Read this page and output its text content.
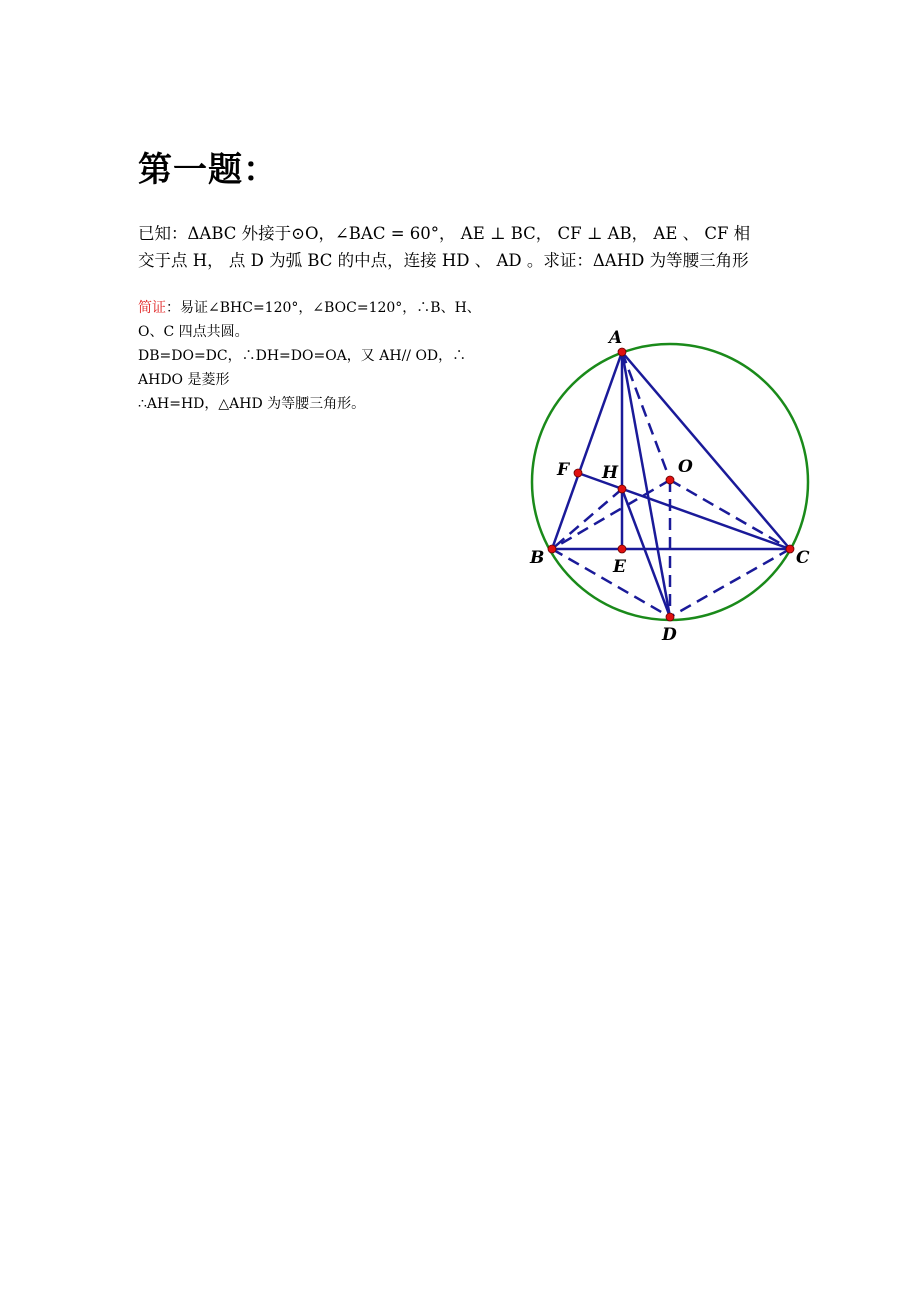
第一题：

已知：ΔABC 外接于⊙O，∠BAC = 60°， AE ⊥ BC， CF ⊥ AB， AE 、 CF 相

交于点 H， 点 D 为弧 BC 的中点，连接 HD 、 AD 。求证：ΔAHD 为等腰三角形

简证：易证∠BHC=120°，∠BOC=120°，∴B、H、

O、C 四点共圆。

DB=DO=DC，∴DH=DO=OA，又 AH// OD，∴

AHDO 是菱形

∴AH=HD，△AHD 为等腰三角形。

A
F H	O
B	E	C
D
